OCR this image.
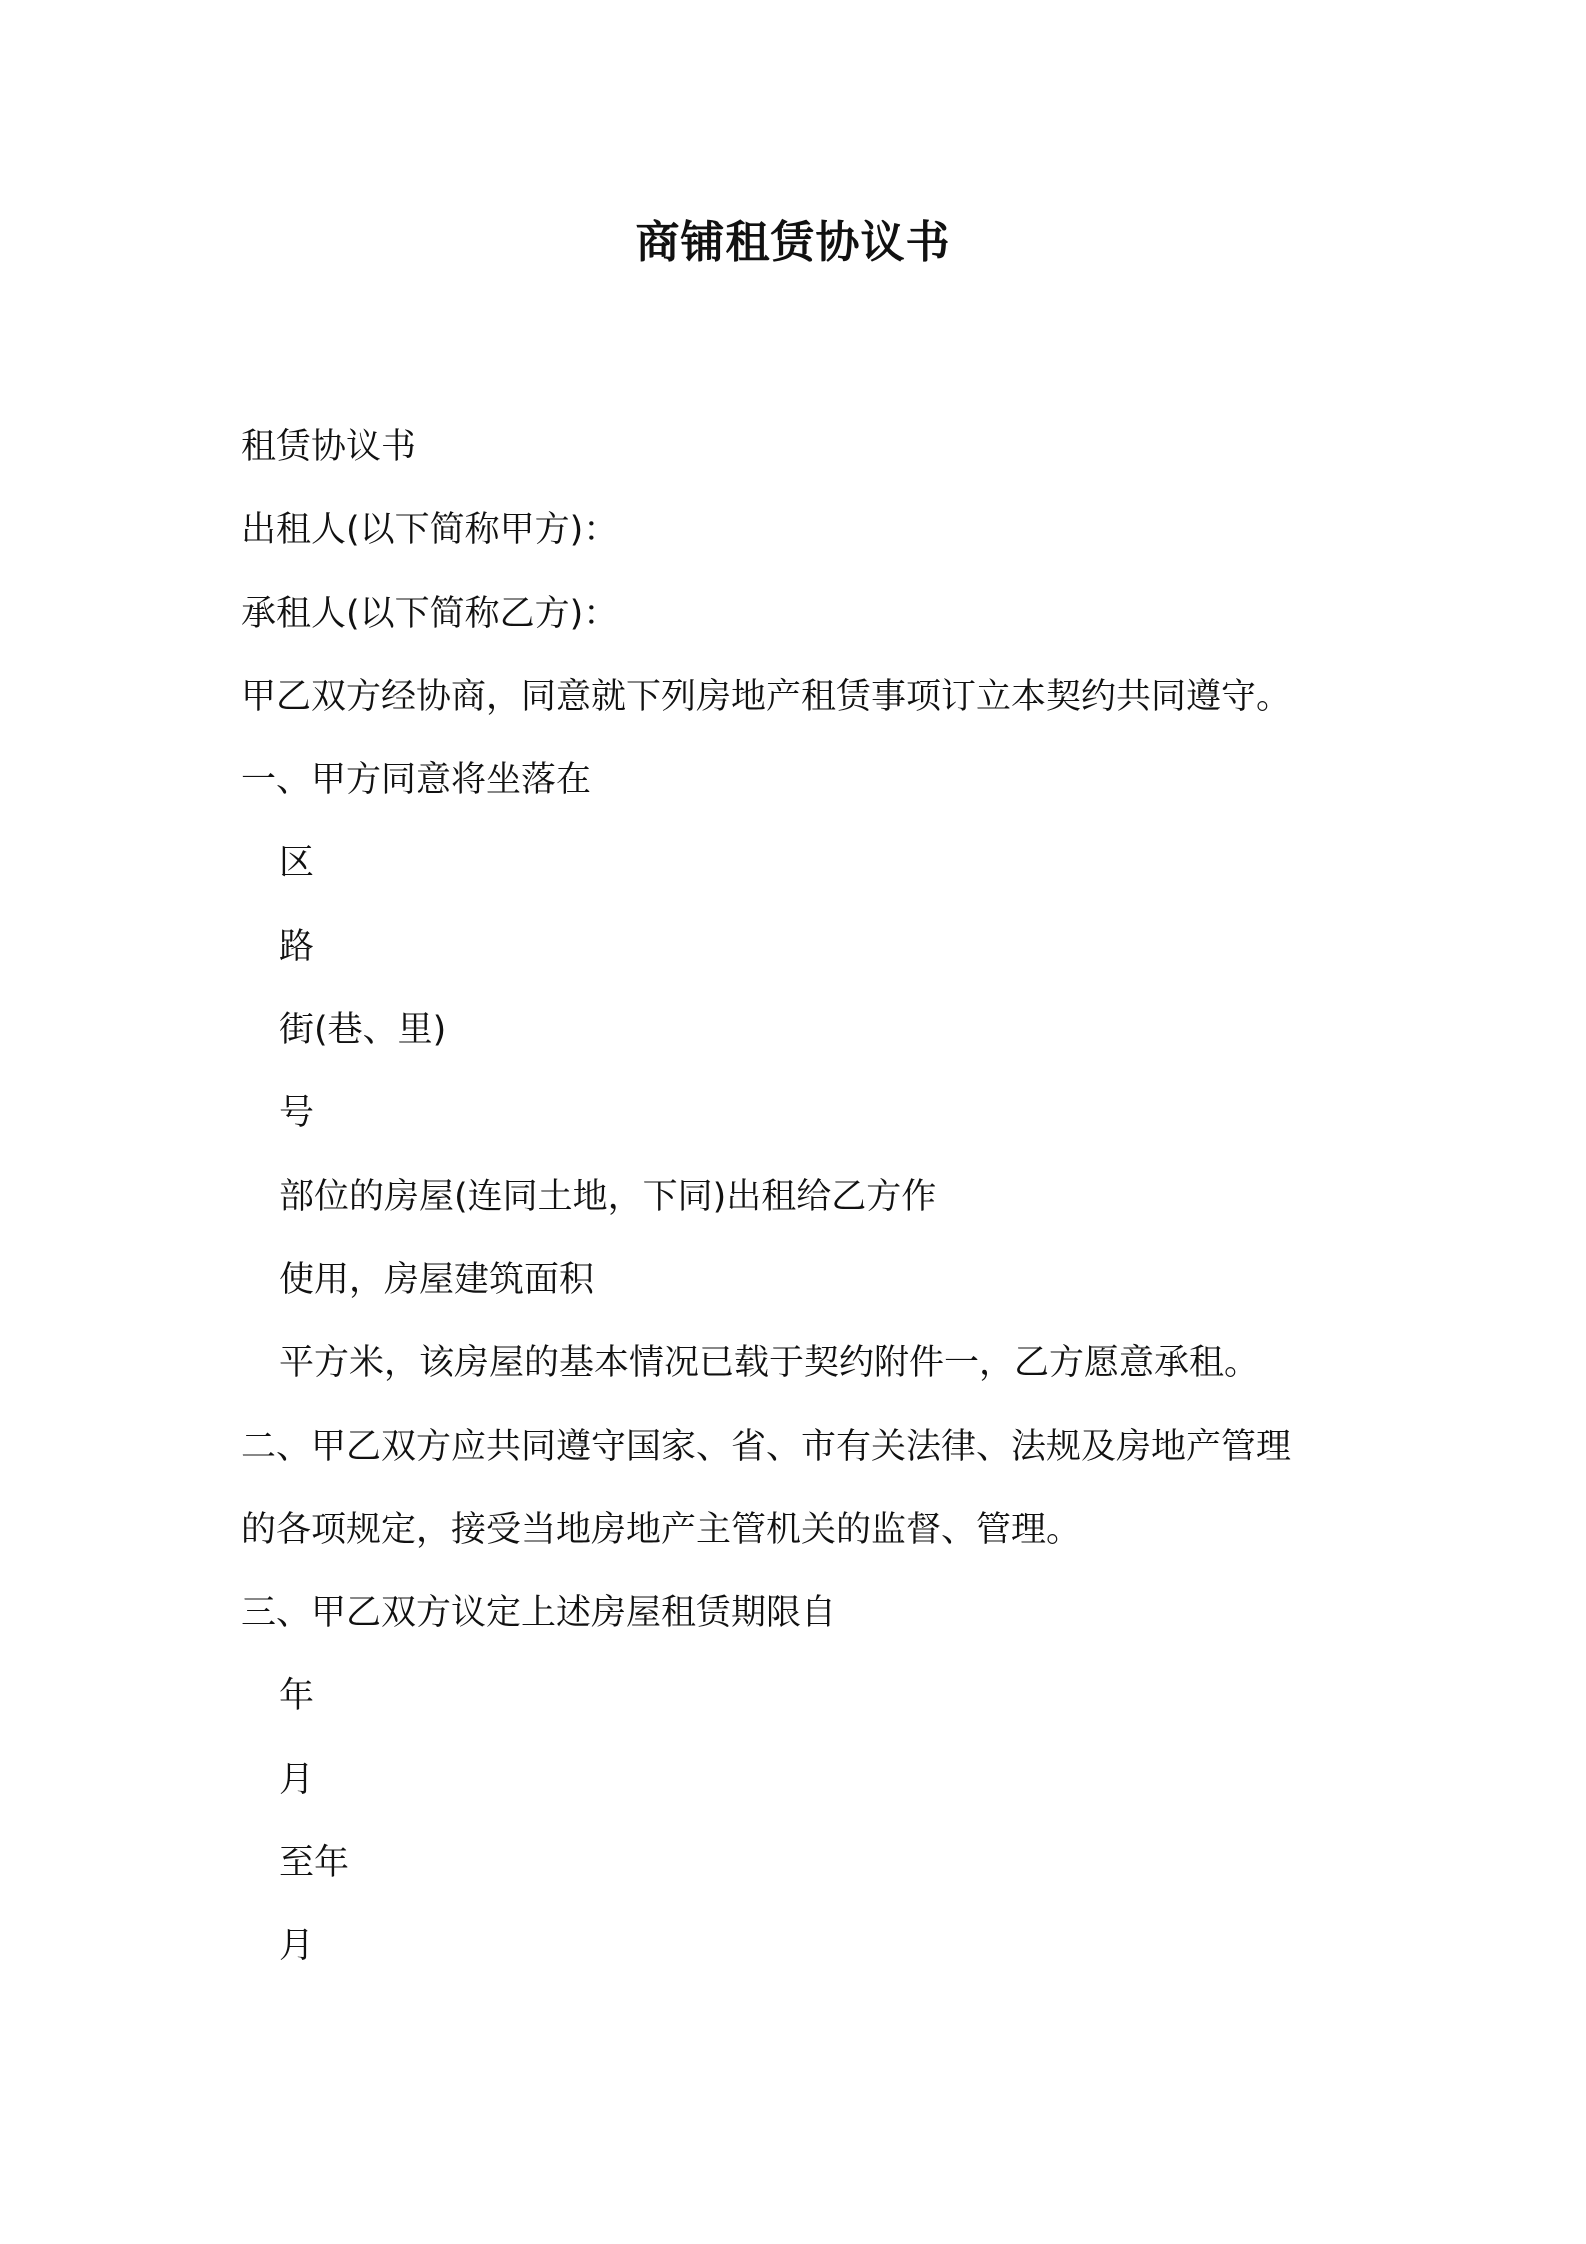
商铺租赁协议书
租赁协议书
出租人(以下简称甲方)：
承租人(以下简称乙方)：
甲乙双方经协商，同意就下列房地产租赁事项订立本契约共同遵守。
一、甲方同意将坐落在
区
路
街(巷、里)
号
部位的房屋(连同土地，下同)出租给乙方作
使用，房屋建筑面积
平方米，该房屋的基本情况已载于契约附件一，乙方愿意承租。
二、甲乙双方应共同遵守国家、省、市有关法律、法规及房地产管理
的各项规定，接受当地房地产主管机关的监督、管理。
三、甲乙双方议定上述房屋租赁期限自
年
月
至年
月
